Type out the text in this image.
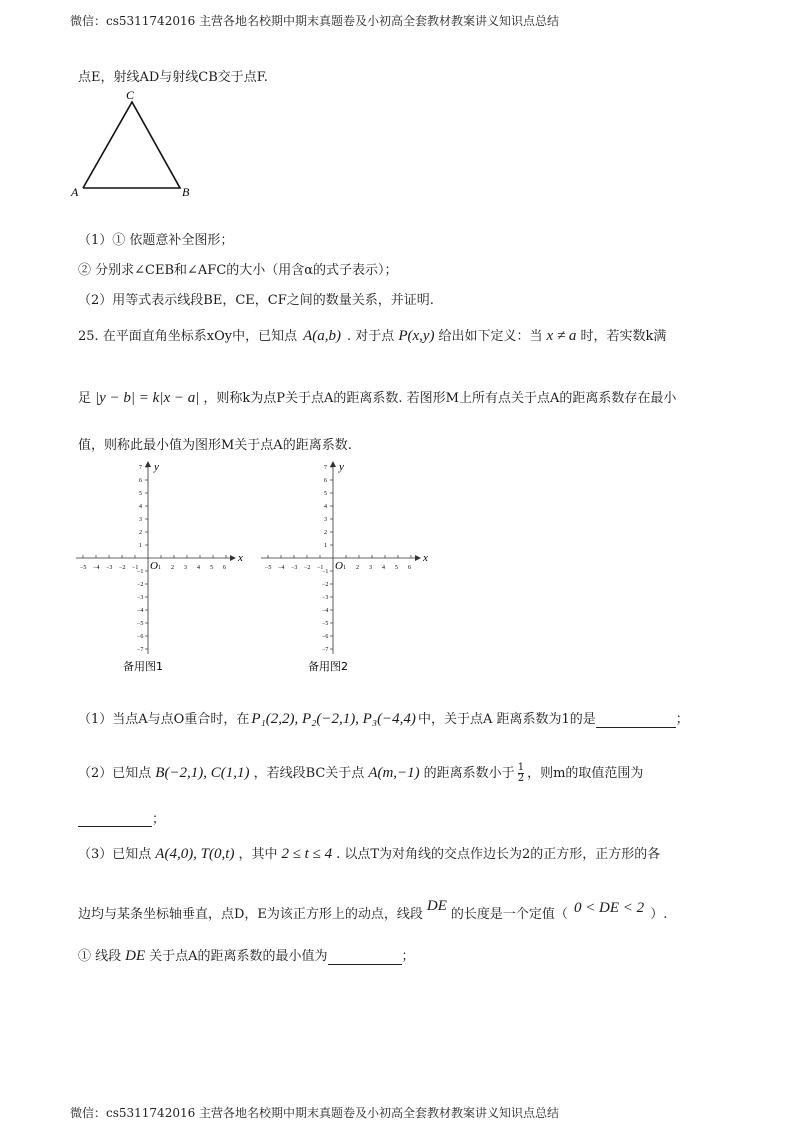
微信：cs5311742016 主营各地名校期中期末真题卷及小初高全套教材教案讲义知识点总结
点E，射线AD与射线CB交于点F.
C
A	B
（1）① 依题意补全图形；
② 分别求∠CEB和∠AFC的大小（用含α的式子表示）；
（2）用等式表示线段BE，CE，CF之间的数量关系，并证明.
25. 在平面直角坐标系xOy中，已知点 A(a,b) . 对于点 P(x,y) 给出如下定义：当 x ≠ a 时，若实数k满
足 |y − b| = k|x − a| ，则称k为点P关于点A的距离系数. 若图形M上所有点关于点A的距离系数存在最小
值，则称此最小值为图形M关于点A的距离系数.
x
y
O
−5 −4 −3 −2 −1	1 2 3 4 5 6
1
−1
2
−2
3
−3
4
−4
5
−5
6
−6
7
−7
备用图1
x
y
O
−5 −4 −3 −2 −1	1 2 3 4 5 6
1
−1
2
−2
3
−3
4
−4
5
−5
6
−6
7
−7
备用图2
（1）当点A与点O重合时，在 P₁(2,2), P₂(−2,1), P₃(−4,4) 中，关于点A 距离系数为1的是	；
（2）已知点 B(−2,1), C(1,1) ，若线段BC关于点 A(m,−1) 的距离系数小于 $\frac{1}{2}$ ，则m的取值范围为
；
（3）已知点 A(4,0), T(0,t) ，其中 2 ≤ t ≤ 4 . 以点T为对角线的交点作边长为2的正方形，正方形的各
边均与某条坐标轴垂直，点D，E为该正方形上的动点，线段DE的长度是一个定值（ 0 < DE < 2 ）.
① 线段 DE 关于点A的距离系数的最小值为	；
微信：cs5311742016 主营各地名校期中期末真题卷及小初高全套教材教案讲义知识点总结
